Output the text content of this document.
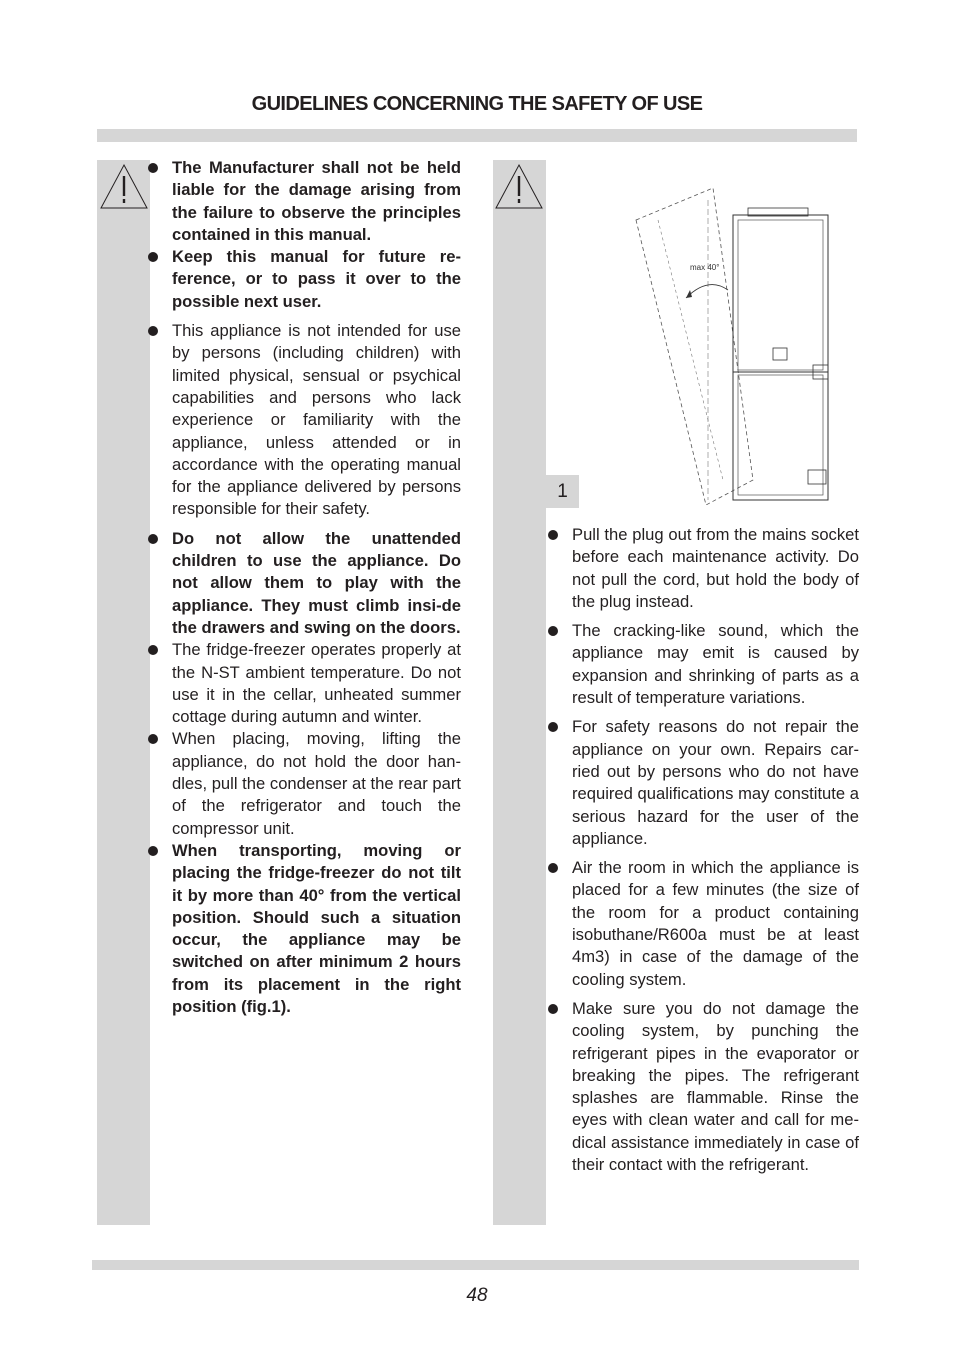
GUIDELINES CONCERNING THE SAFETY OF USE
The Manufacturer shall not be held liable for the damage arising from the failure to observe the principles contained in this manual.
Keep this manual for future re-ference, or to pass it over to the possible next user.
This appliance is not intended for use by persons (including children) with limited physical, sensual or psychical capabilities and persons who lack experience or familiarity with the appliance, unless attended or in accordance with the operating manual for the appliance delivered by persons responsible for their safety.
Do not allow the unattended children to use the appliance. Do not allow them to play with the appliance. They must climb insi-de the drawers and swing on the doors.
The fridge-freezer operates properly at the N-ST ambient temperature. Do not use it in the cellar, unheated summer cottage during autumn and winter.
When placing, moving, lifting the appliance, do not hold the door han-dles, pull the condenser at the rear part of the refrigerator and touch the compressor unit.
When transporting, moving or placing the fridge-freezer do not tilt it by more than 40° from the vertical position. Should such a situation occur, the appliance may be switched on after minimum 2 hours from its placement in the right position (fig.1).
max 40°
1
Pull the plug out from the mains socket before each maintenance activity. Do not pull the cord, but hold the body of the plug instead.
The cracking-like sound, which the appliance may emit is caused by expansion and shrinking of parts as a result of temperature variations.
For safety reasons do not repair the appliance on your own. Repairs car-ried out by persons who do not have required qualifications may constitute a serious hazard for the user of the appliance.
Air the room in which the appliance is placed for a few minutes (the size of the room for a product containing isobuthane/R600a must be at least 4m3) in case of the damage of the cooling system.
Make sure you do not damage the cooling system, by punching the refrigerant pipes in the evaporator or breaking the pipes. The refrigerant splashes are flammable. Rinse the eyes with clean water and call for me-dical assistance immediately in case of their contact with the refrigerant.
48
